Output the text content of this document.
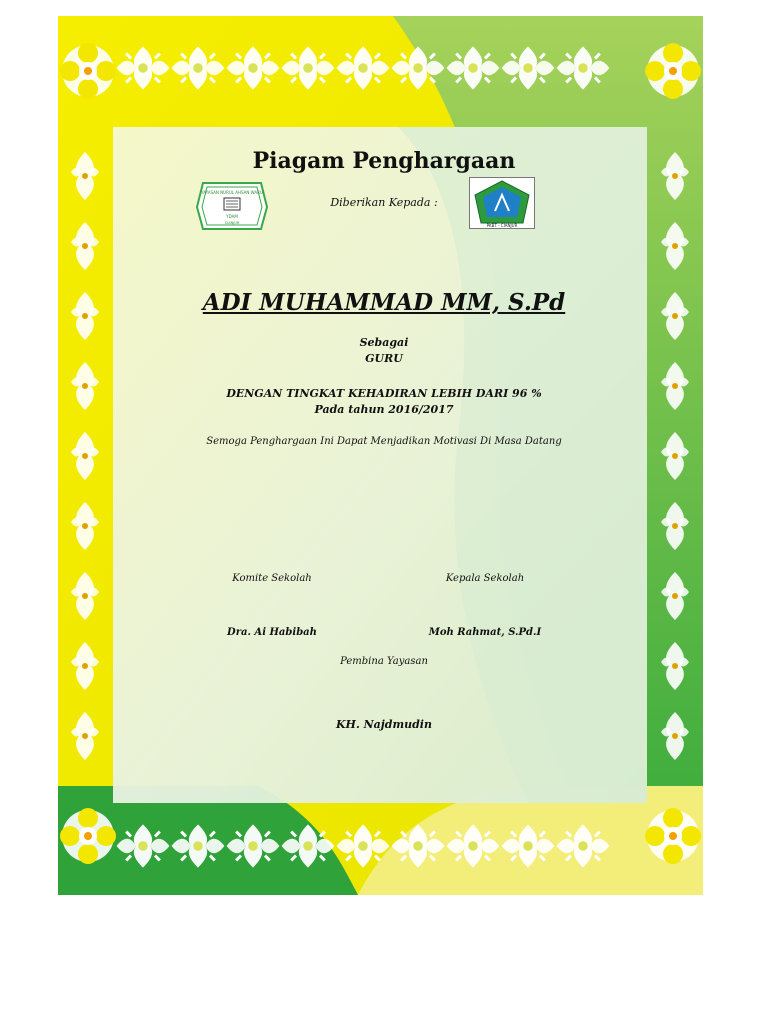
YAYASAN NURUL AHSAN WARU
YDAM
CIANJUR	PKBT - CIANJUR
Piagam Penghargaan
Diberikan Kepada :
ADI MUHAMMAD MM, S.Pd
Sebagai
GURU
DENGAN TINGKAT KEHADIRAN LEBIH DARI 96 %
Pada tahun 2016/2017
Semoga Penghargaan Ini Dapat Menjadikan Motivasi Di Masa Datang
Komite Sekolah	Kepala Sekolah
Dra. Ai Habibah	Moh Rahmat, S.Pd.I
Pembina Yayasan
KH. Najdmudin
